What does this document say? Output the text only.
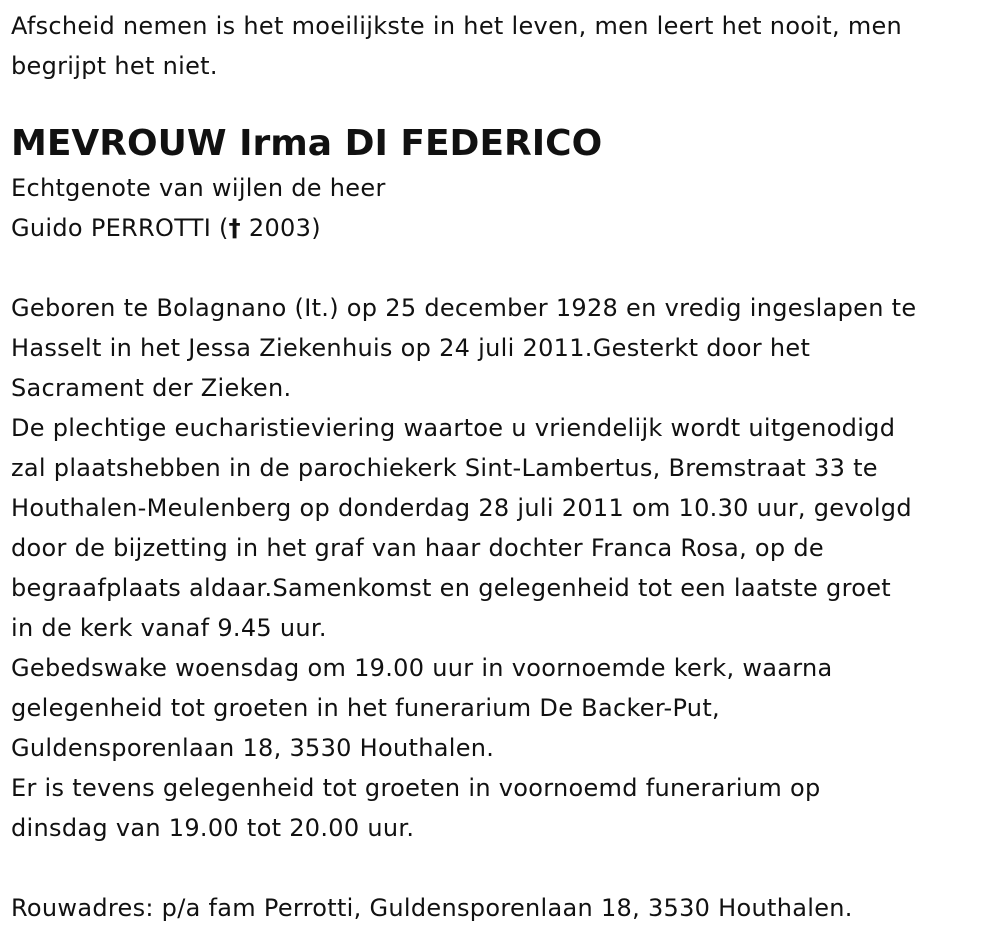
Afscheid nemen is het moeilijkste in het leven, men leert het nooit, men
begrijpt het niet.
MEVROUW Irma DI FEDERICO
Echtgenote van wijlen de heer
Guido PERROTTI († 2003)
Geboren te Bolagnano (It.) op 25 december 1928 en vredig ingeslapen te
Hasselt in het Jessa Ziekenhuis op 24 juli 2011.Gesterkt door het
Sacrament der Zieken.
De plechtige eucharistieviering waartoe u vriendelijk wordt uitgenodigd
zal plaatshebben in de parochiekerk Sint-Lambertus, Bremstraat 33 te
Houthalen-Meulenberg op donderdag 28 juli 2011 om 10.30 uur, gevolgd
door de bijzetting in het graf van haar dochter Franca Rosa, op de
begraafplaats aldaar.Samenkomst en gelegenheid tot een laatste groet
in de kerk vanaf 9.45 uur.
Gebedswake woensdag om 19.00 uur in voornoemde kerk, waarna
gelegenheid tot groeten in het funerarium De Backer-Put,
Guldensporenlaan 18, 3530 Houthalen.
Er is tevens gelegenheid tot groeten in voornoemd funerarium op
dinsdag van 19.00 tot 20.00 uur.
Rouwadres: p/a fam Perrotti, Guldensporenlaan 18, 3530 Houthalen.
